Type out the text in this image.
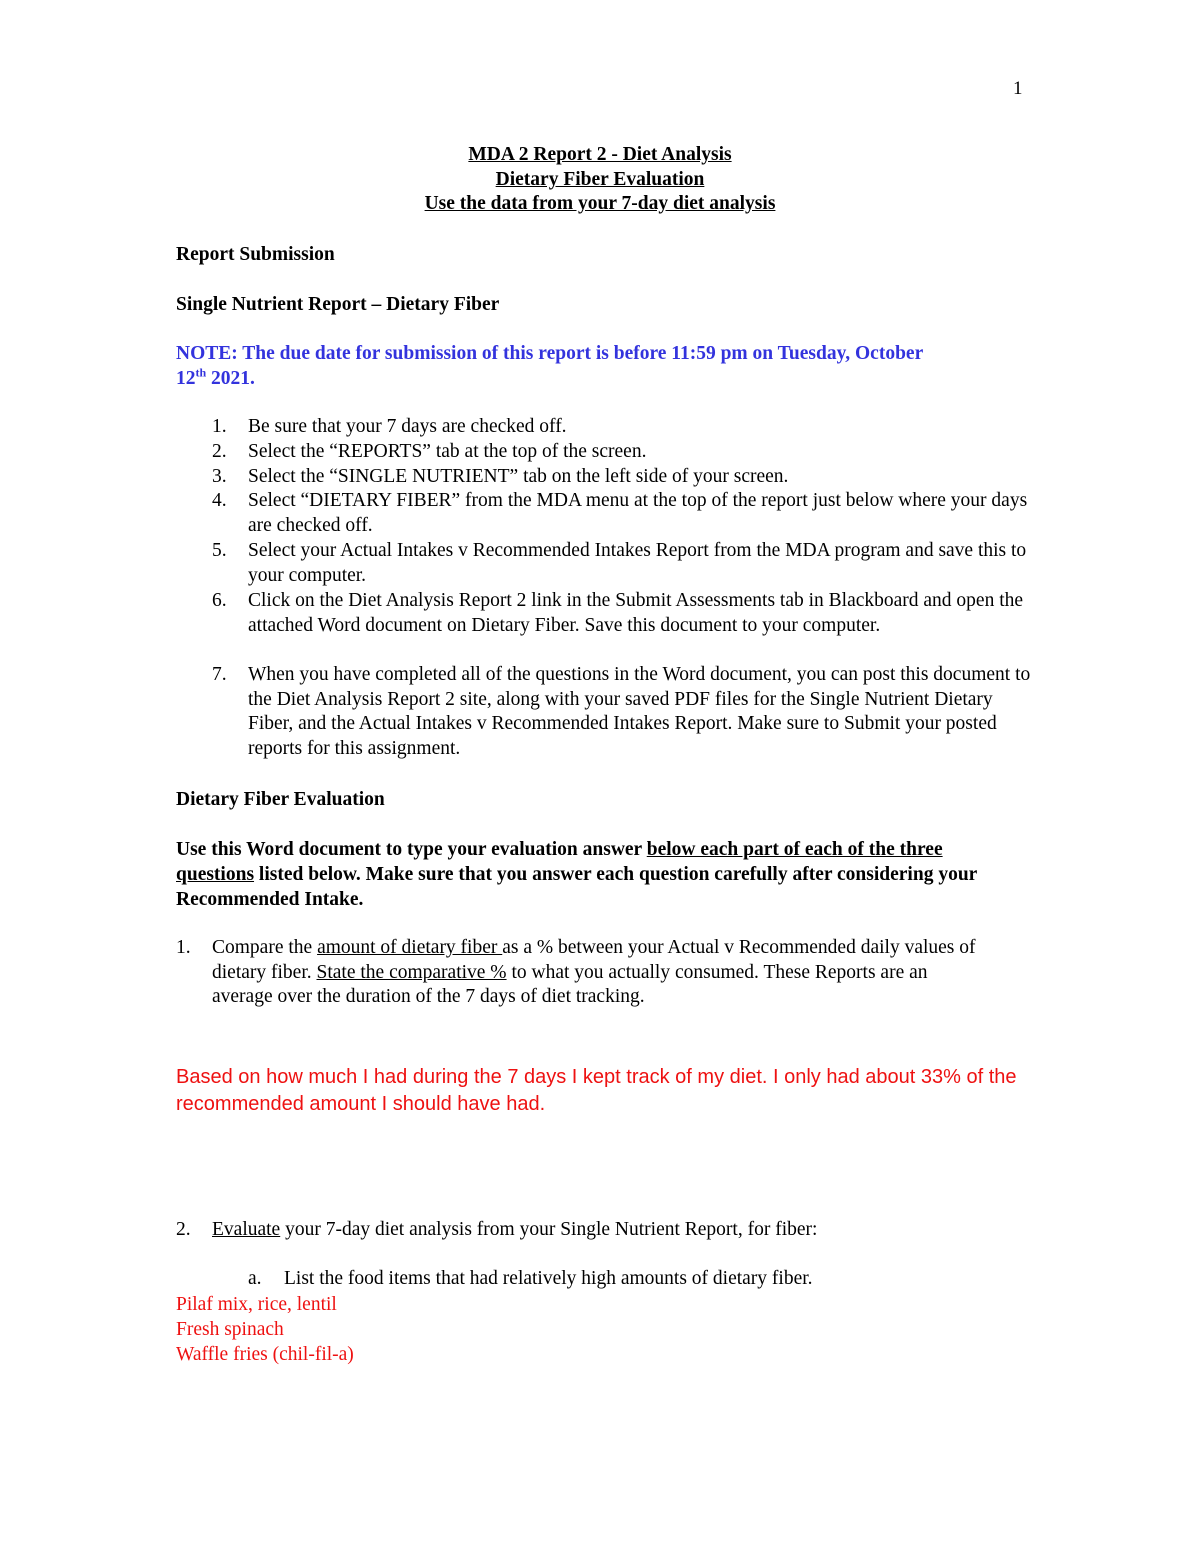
1
MDA 2 Report 2 - Diet Analysis
Dietary Fiber Evaluation
Use the data from your 7-day diet analysis
Report Submission
Single Nutrient Report – Dietary Fiber
NOTE: The due date for submission of this report is before 11:59 pm on Tuesday, October
12th 2021.
1.	Be sure that your 7 days are checked off.
2.	Select the “REPORTS” tab at the top of the screen.
3.	Select the “SINGLE NUTRIENT” tab on the left side of your screen.
4.	Select “DIETARY FIBER” from the MDA menu at the top of the report just below where your days are checked off.
5.	Select your Actual Intakes v Recommended Intakes Report from the MDA program and save this to your computer.
6.	Click on the Diet Analysis Report 2 link in the Submit Assessments tab in Blackboard and open the attached Word document on Dietary Fiber. Save this document to your computer.
7.	When you have completed all of the questions in the Word document, you can post this document to the Diet Analysis Report 2 site, along with your saved PDF files for the Single Nutrient Dietary Fiber, and the Actual Intakes v Recommended Intakes Report. Make sure to Submit your posted reports for this assignment.
Dietary Fiber Evaluation
Use this Word document to type your evaluation answer below each part of each of the three questions listed below. Make sure that you answer each question carefully after considering your Recommended Intake.
1.	Compare the amount of dietary fiber as a % between your Actual v Recommended daily values of dietary fiber. State the comparative % to what you actually consumed. These Reports are an average over the duration of the 7 days of diet tracking.
Based on how much I had during the 7 days I kept track of my diet. I only had about 33% of the recommended amount I should have had.
2.	Evaluate your 7-day diet analysis from your Single Nutrient Report, for fiber:
a.	List the food items that had relatively high amounts of dietary fiber.
Pilaf mix, rice, lentil
Fresh spinach
Waffle fries (chil-fil-a)
